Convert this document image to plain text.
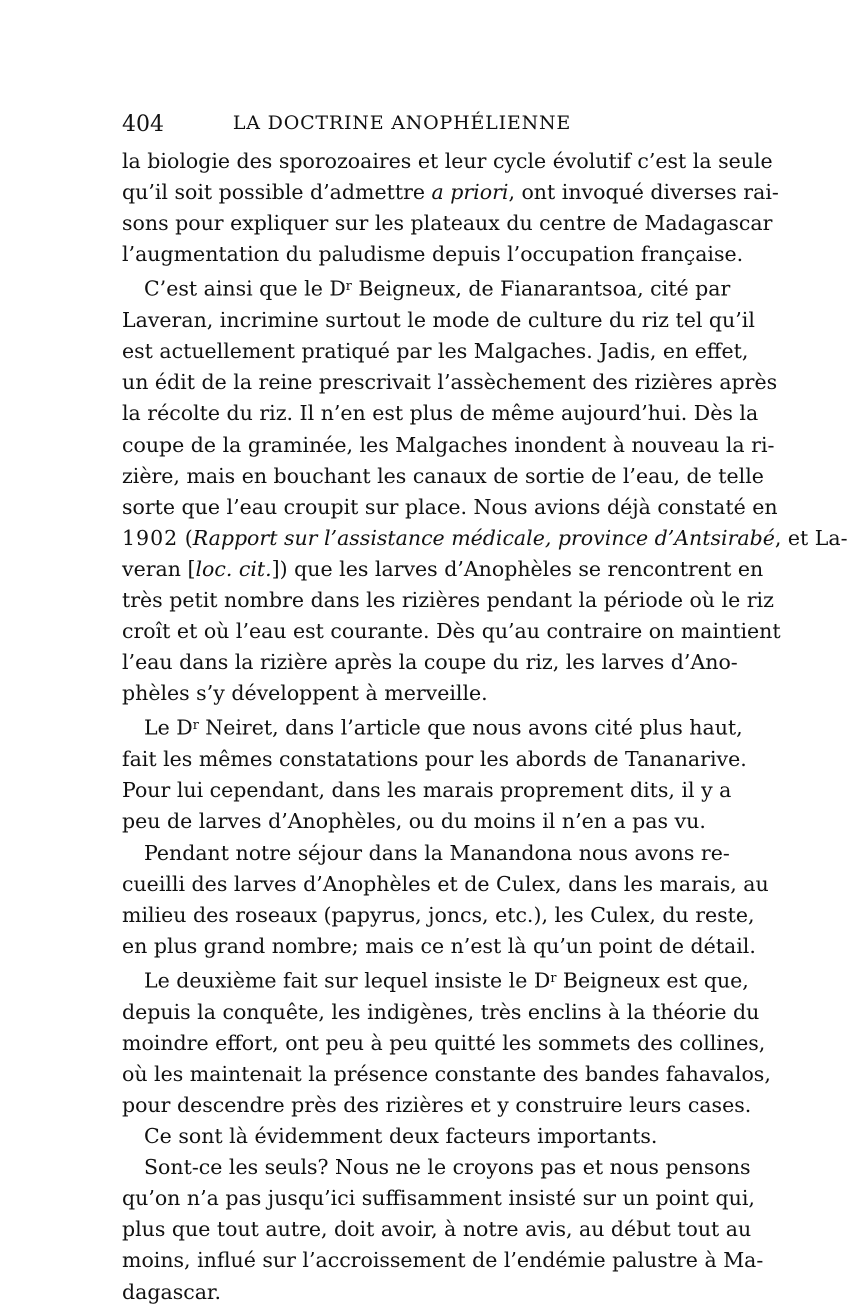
404	LA DOCTRINE ANOPHÉLIENNE
la biologie des sporozoaires et leur cycle évolutif c’est la seule
qu’il soit possible d’admettre a priori, ont invoqué diverses rai-
sons pour expliquer sur les plateaux du centre de Madagascar
l’augmentation du paludisme depuis l’occupation française.
C’est ainsi que le $D^r$ Beigneux, de Fianarantsoa, cité par
Laveran, incrimine surtout le mode de culture du riz tel qu’il
est actuellement pratiqué par les Malgaches. Jadis, en effet,
un édit de la reine prescrivait l’assèchement des rizières après
la récolte du riz. Il n’en est plus de même aujourd’hui. Dès la
coupe de la graminée, les Malgaches inondent à nouveau la ri-
zière, mais en bouchant les canaux de sortie de l’eau, de telle
sorte que l’eau croupit sur place. Nous avions déjà constaté en
1902 (Rapport sur l’assistance médicale, province d’Antsirabé, et La-
veran [loc. cit.]) que les larves d’Anophèles se rencontrent en
très petit nombre dans les rizières pendant la période où le riz
croît et où l’eau est courante. Dès qu’au contraire on maintient
l’eau dans la rizière après la coupe du riz, les larves d’Ano-
phèles s’y développent à merveille.
Le $D^r$ Neiret, dans l’article que nous avons cité plus haut,
fait les mêmes constatations pour les abords de Tananarive.
Pour lui cependant, dans les marais proprement dits, il y a
peu de larves d’Anophèles, ou du moins il n’en a pas vu.
Pendant notre séjour dans la Manandona nous avons re-
cueilli des larves d’Anophèles et de Culex, dans les marais, au
milieu des roseaux (papyrus, joncs, etc.), les Culex, du reste,
en plus grand nombre; mais ce n’est là qu’un point de détail.
Le deuxième fait sur lequel insiste le $D^r$ Beigneux est que,
depuis la conquête, les indigènes, très enclins à la théorie du
moindre effort, ont peu à peu quitté les sommets des collines,
où les maintenait la présence constante des bandes fahavalos,
pour descendre près des rizières et y construire leurs cases.
Ce sont là évidemment deux facteurs importants.
Sont-ce les seuls? Nous ne le croyons pas et nous pensons
qu’on n’a pas jusqu’ici suffisamment insisté sur un point qui,
plus que tout autre, doit avoir, à notre avis, au début tout au
moins, influé sur l’accroissement de l’endémie palustre à Ma-
dagascar.
